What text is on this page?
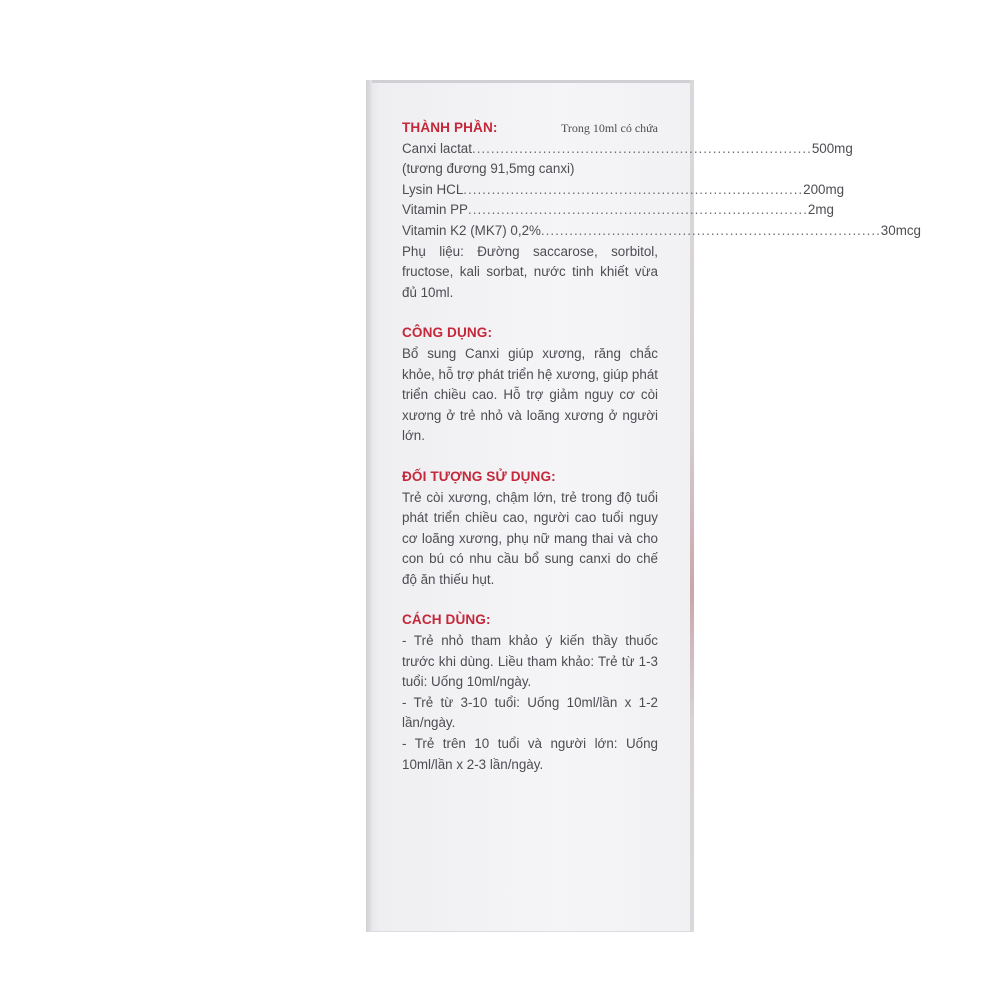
THÀNH PHẦN:	Trong 10ml có chứa
Canxi lactat ........................................................................ 500mg
(tương đương 91,5mg canxi)
Lysin HCL ........................................................................ 200mg
Vitamin PP ........................................................................ 2mg
Vitamin K2 (MK7) 0,2% ........................................................................ 30mcg
Phụ liệu: Đường saccarose, sorbitol, fructose, kali sorbat, nước tinh khiết vừa đủ 10ml.
CÔNG DỤNG:
Bổ sung Canxi giúp xương, răng chắc khỏe, hỗ trợ phát triển hệ xương, giúp phát triển chiều cao. Hỗ trợ giảm nguy cơ còi xương ở trẻ nhỏ và loãng xương ở người lớn.
ĐỐI TƯỢNG SỬ DỤNG:
Trẻ còi xương, chậm lớn, trẻ trong độ tuổi phát triển chiều cao, người cao tuổi nguy cơ loãng xương, phụ nữ mang thai và cho con bú có nhu cầu bổ sung canxi do chế độ ăn thiếu hụt.
CÁCH DÙNG:
- Trẻ nhỏ tham khảo ý kiến thầy thuốc trước khi dùng. Liều tham khảo: Trẻ từ 1-3 tuổi: Uống 10ml/ngày.
- Trẻ từ 3-10 tuổi: Uống 10ml/lần x 1-2 lần/ngày.
- Trẻ trên 10 tuổi và người lớn: Uống 10ml/lần x 2-3 lần/ngày.
